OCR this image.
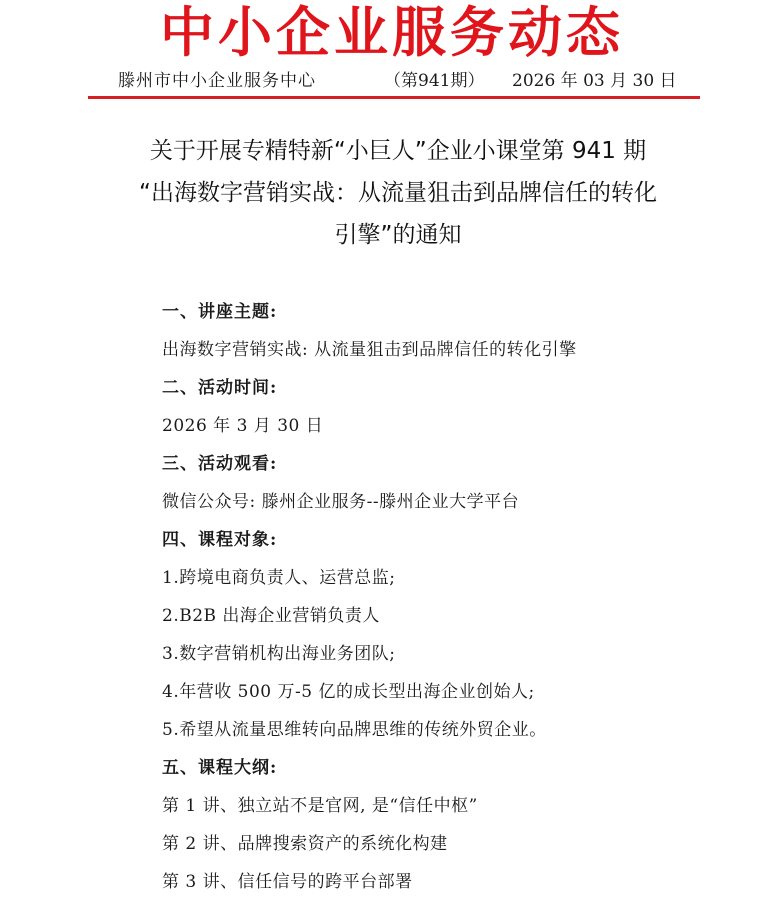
中小企业服务动态
滕州市中小企业服务中心	（第941期） 2026 年 03 月 30 日
关于开展专精特新“小巨人”企业小课堂第 941 期
“出海数字营销实战：从流量狙击到品牌信任的转化
引擎”的通知
一、讲座主题:
出海数字营销实战: 从流量狙击到品牌信任的转化引擎
二、活动时间:
2026 年 3 月 30 日
三、活动观看:
微信公众号: 滕州企业服务--滕州企业大学平台
四、课程对象:
1.跨境电商负责人、运营总监;
2.B2B 出海企业营销负责人
3.数字营销机构出海业务团队;
4.年营收 500 万-5 亿的成长型出海企业创始人;
5.希望从流量思维转向品牌思维的传统外贸企业。
五、课程大纲:
第 1 讲、独立站不是官网, 是“信任中枢”
第 2 讲、品牌搜索资产的系统化构建
第 3 讲、信任信号的跨平台部署
